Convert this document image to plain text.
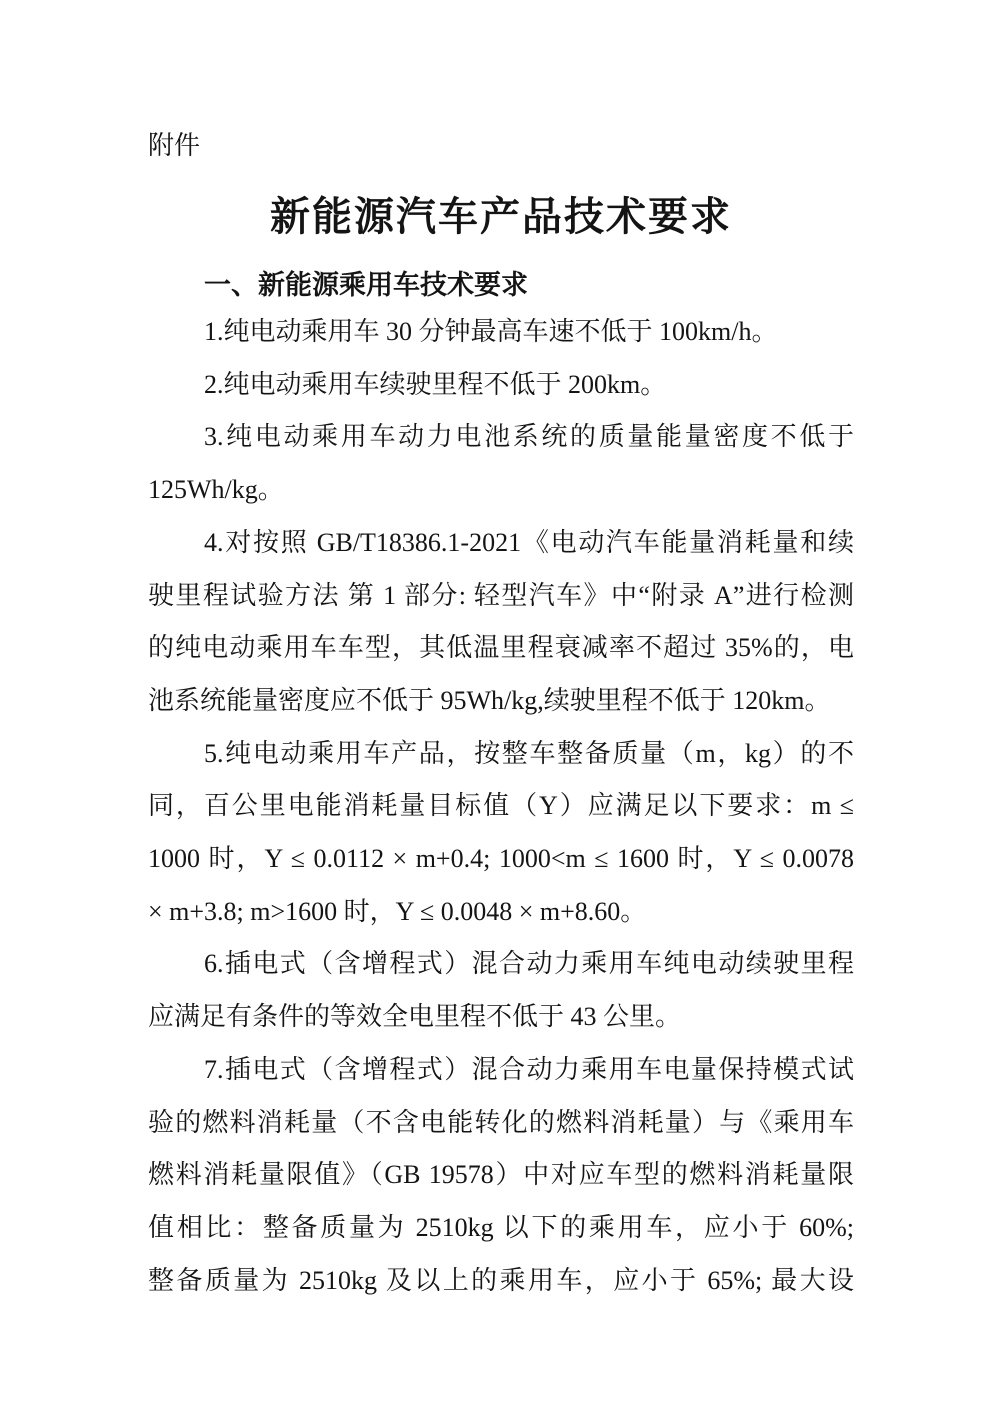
附件
新能源汽车产品技术要求
一、新能源乘用车技术要求
1.纯电动乘用车 30 分钟最高车速不低于 100km/h。
2.纯电动乘用车续驶里程不低于 200km。
3.纯电动乘用车动力电池系统的质量能量密度不低于
125Wh/kg。
4.对按照 GB/T18386.1-2021《电动汽车能量消耗量和续
驶里程试验方法 第 1 部分: 轻型汽车》中“附录 A”进行检测
的纯电动乘用车车型，其低温里程衰减率不超过 35%的，电
池系统能量密度应不低于 95Wh/kg,续驶里程不低于 120km。
5.纯电动乘用车产品，按整车整备质量（m，kg）的不
同，百公里电能消耗量目标值（Y）应满足以下要求：m ≤
1000 时，Y ≤ 0.0112 × m+0.4; 1000<m ≤ 1600 时，Y ≤ 0.0078
× m+3.8; m>1600 时，Y ≤ 0.0048 × m+8.60。
6.插电式（含增程式）混合动力乘用车纯电动续驶里程
应满足有条件的等效全电里程不低于 43 公里。
7.插电式（含增程式）混合动力乘用车电量保持模式试
验的燃料消耗量（不含电能转化的燃料消耗量）与《乘用车
燃料消耗量限值》（GB 19578）中对应车型的燃料消耗量限
值相比：整备质量为 2510kg 以下的乘用车，应小于 60%;
整备质量为 2510kg 及以上的乘用车，应小于 65%; 最大设
